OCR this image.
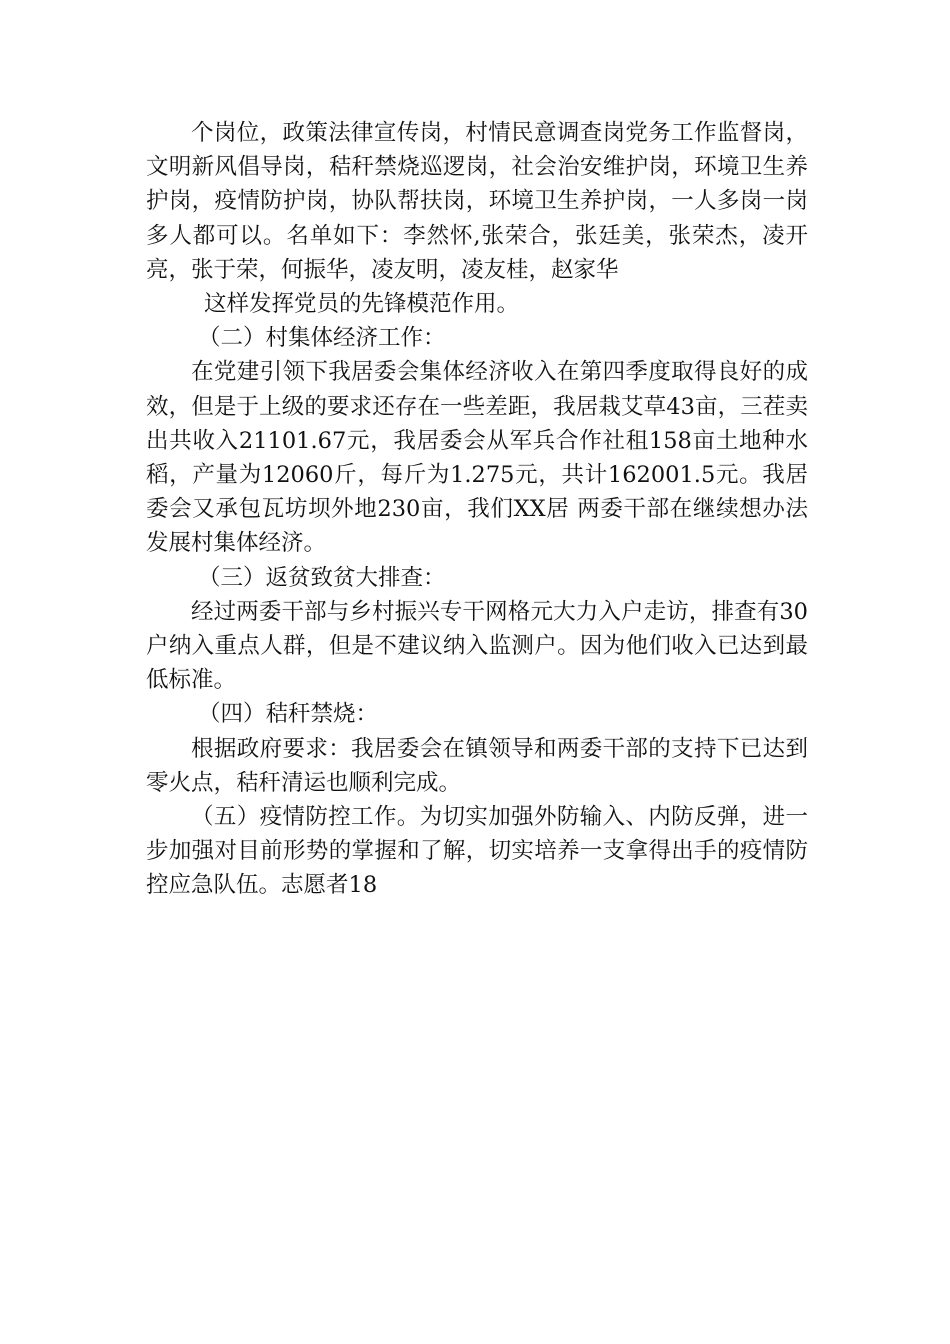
个岗位，政策法律宣传岗，村情民意调查岗党务工作监督岗，文明新风倡导岗，秸秆禁烧巡逻岗，社会治安维护岗，环境卫生养护岗，疫情防护岗，协队帮扶岗，环境卫生养护岗，一人多岗一岗多人都可以。名单如下：李然怀,张荣合，张廷美，张荣杰，凌开亮，张于荣，何振华，凌友明，凌友桂，赵家华

这样发挥党员的先锋模范作用。

（二）村集体经济工作：

在党建引领下我居委会集体经济收入在第四季度取得良好的成效，但是于上级的要求还存在一些差距，我居栽艾草43亩，三茬卖出共收入21101.67元，我居委会从军兵合作社租158亩土地种水稻，产量为12060斤，每斤为1.275元，共计162001.5元。我居委会又承包瓦坊坝外地230亩，我们XX居 两委干部在继续想办法发展村集体经济。

（三）返贫致贫大排查：

经过两委干部与乡村振兴专干网格元大力入户走访，排查有30户纳入重点人群，但是不建议纳入监测户。因为他们收入已达到最低标准。

（四）秸秆禁烧：

根据政府要求：我居委会在镇领导和两委干部的支持下已达到零火点，秸秆清运也顺利完成。

（五）疫情防控工作。为切实加强外防输入、内防反弹，进一步加强对目前形势的掌握和了解，切实培养一支拿得出手的疫情防控应急队伍。志愿者18
